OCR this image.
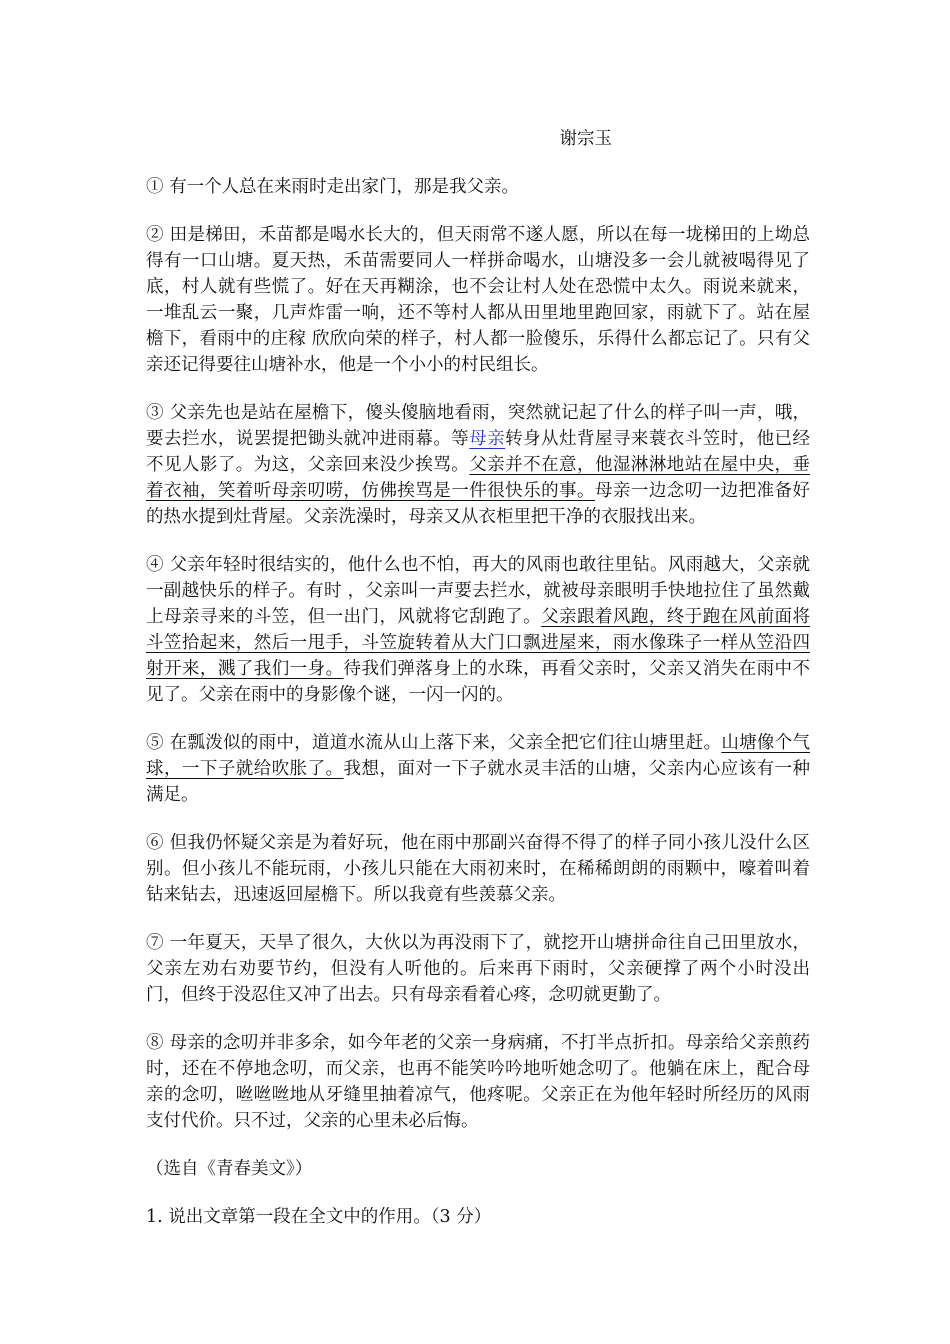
谢宗玉

① 有一个人总在来雨时走出家门，那是我父亲。

② 田是梯田，禾苗都是喝水长大的，但天雨常不遂人愿，所以在每一垅梯田的上坳总得有一口山塘。夏天热，禾苗需要同人一样拼命喝水，山塘没多一会儿就被喝得见了底，村人就有些慌了。好在天再糊涂，也不会让村人处在恐慌中太久。雨说来就来，一堆乱云一聚，几声炸雷一响，还不等村人都从田里地里跑回家，雨就下了。站在屋檐下，看雨中的庄稼 欣欣向荣的样子，村人都一脸傻乐，乐得什么都忘记了。只有父亲还记得要往山塘补水，他是一个小小的村民组长。

③ 父亲先也是站在屋檐下，傻头傻脑地看雨，突然就记起了什么的样子叫一声，哦，要去拦水，说罢提把锄头就冲进雨幕。等母亲转身从灶背屋寻来蓑衣斗笠时，他已经不见人影了。为这，父亲回来没少挨骂。父亲并不在意，他湿淋淋地站在屋中央，垂着衣袖，笑着听母亲叨唠，仿佛挨骂是一件很快乐的事。母亲一边念叨一边把准备好的热水提到灶背屋。父亲洗澡时，母亲又从衣柜里把干净的衣服找出来。

④ 父亲年轻时很结实的，他什么也不怕，再大的风雨也敢往里钻。风雨越大，父亲就一副越快乐的样子。有时 ，父亲叫一声要去拦水，就被母亲眼明手快地拉住了虽然戴上母亲寻来的斗笠，但一出门，风就将它刮跑了。父亲跟着风跑，终于跑在风前面将斗笠拾起来，然后一甩手，斗笠旋转着从大门口飘进屋来，雨水像珠子一样从笠沿四射开来，溅了我们一身。待我们弹落身上的水珠，再看父亲时，父亲又消失在雨中不见了。父亲在雨中的身影像个谜，一闪一闪的。

⑤ 在瓢泼似的雨中，道道水流从山上落下来，父亲全把它们往山塘里赶。山塘像个气球，一下子就给吹胀了。我想，面对一下子就水灵丰活的山塘，父亲内心应该有一种满足。

⑥ 但我仍怀疑父亲是为着好玩，他在雨中那副兴奋得不得了的样子同小孩儿没什么区别。但小孩儿不能玩雨，小孩儿只能在大雨初来时，在稀稀朗朗的雨颗中，嚎着叫着钻来钻去，迅速返回屋檐下。所以我竟有些羡慕父亲。

⑦ 一年夏天，天旱了很久，大伙以为再没雨下了，就挖开山塘拼命往自己田里放水，父亲左劝右劝要节约，但没有人听他的。后来再下雨时，父亲硬撑了两个小时没出门，但终于没忍住又冲了出去。只有母亲看着心疼，念叨就更勤了。

⑧ 母亲的念叨并非多余，如今年老的父亲一身病痛，不打半点折扣。母亲给父亲煎药时，还在不停地念叨，而父亲，也再不能笑吟吟地听她念叨了。他躺在床上，配合母亲的念叨，咝咝咝地从牙缝里抽着凉气，他疼呢。父亲正在为他年轻时所经历的风雨支付代价。只不过，父亲的心里未必后悔。

（选自《青春美文》）

1. 说出文章第一段在全文中的作用。（3 分）
